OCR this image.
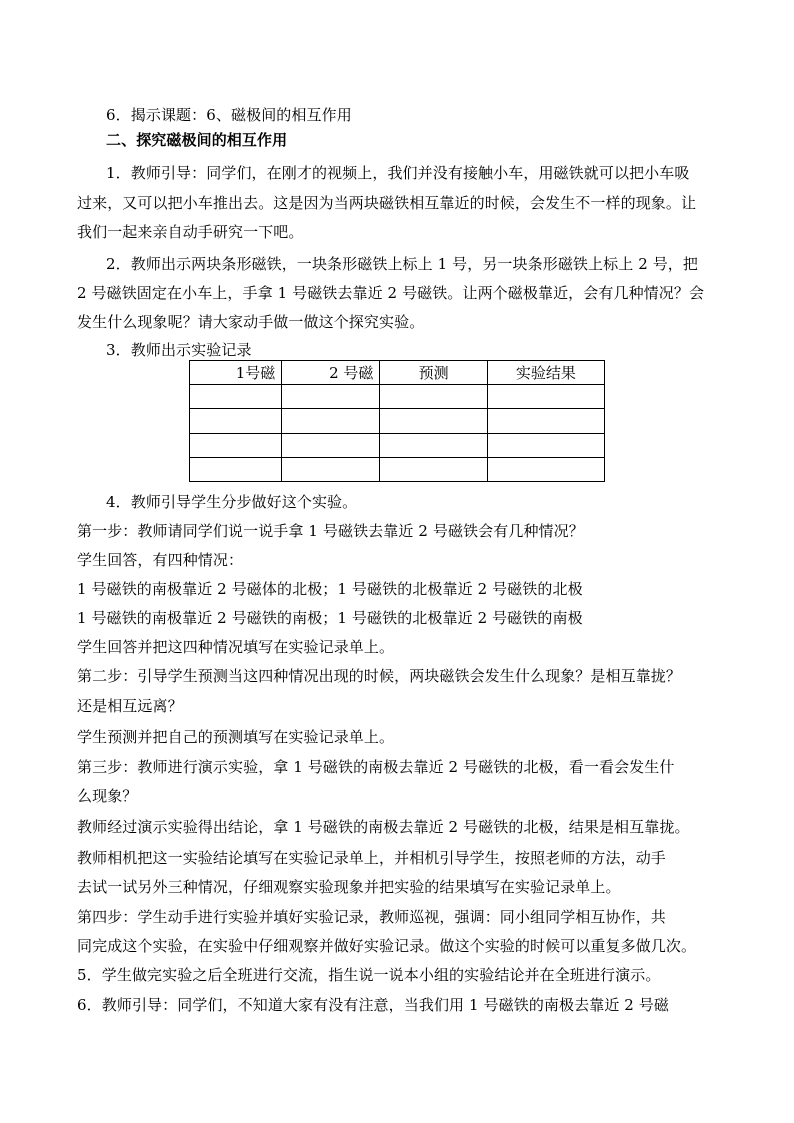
6．揭示课题：6、磁极间的相互作用
二、探究磁极间的相互作用
1．教师引导：同学们，在刚才的视频上，我们并没有接触小车，用磁铁就可以把小车吸
过来，又可以把小车推出去。这是因为当两块磁铁相互靠近的时候，会发生不一样的现象。让
我们一起来亲自动手研究一下吧。
2．教师出示两块条形磁铁，一块条形磁铁上标上 1 号，另一块条形磁铁上标上 2 号，把
2 号磁铁固定在小车上，手拿 1 号磁铁去靠近 2 号磁铁。让两个磁极靠近，会有几种情况？会
发生什么现象呢？请大家动手做一做这个探究实验。
3．教师出示实验记录
1号磁	2 号磁	预测	实验结果

4．教师引导学生分步做好这个实验。
第一步：教师请同学们说一说手拿 1 号磁铁去靠近 2 号磁铁会有几种情况？
学生回答，有四种情况：
1 号磁铁的南极靠近 2 号磁体的北极；1 号磁铁的北极靠近 2 号磁铁的北极
1 号磁铁的南极靠近 2 号磁铁的南极；1 号磁铁的北极靠近 2 号磁铁的南极
学生回答并把这四种情况填写在实验记录单上。
第二步：引导学生预测当这四种情况出现的时候，两块磁铁会发生什么现象？是相互靠拢？
还是相互远离？
学生预测并把自己的预测填写在实验记录单上。
第三步：教师进行演示实验，拿 1 号磁铁的南极去靠近 2 号磁铁的北极，看一看会发生什
么现象？
教师经过演示实验得出结论，拿 1 号磁铁的南极去靠近 2 号磁铁的北极，结果是相互靠拢。
教师相机把这一实验结论填写在实验记录单上，并相机引导学生，按照老师的方法，动手
去试一试另外三种情况，仔细观察实验现象并把实验的结果填写在实验记录单上。
第四步：学生动手进行实验并填好实验记录，教师巡视，强调：同小组同学相互协作，共
同完成这个实验，在实验中仔细观察并做好实验记录。做这个实验的时候可以重复多做几次。
5．学生做完实验之后全班进行交流，指生说一说本小组的实验结论并在全班进行演示。
6．教师引导：同学们，不知道大家有没有注意，当我们用 1 号磁铁的南极去靠近 2 号磁
